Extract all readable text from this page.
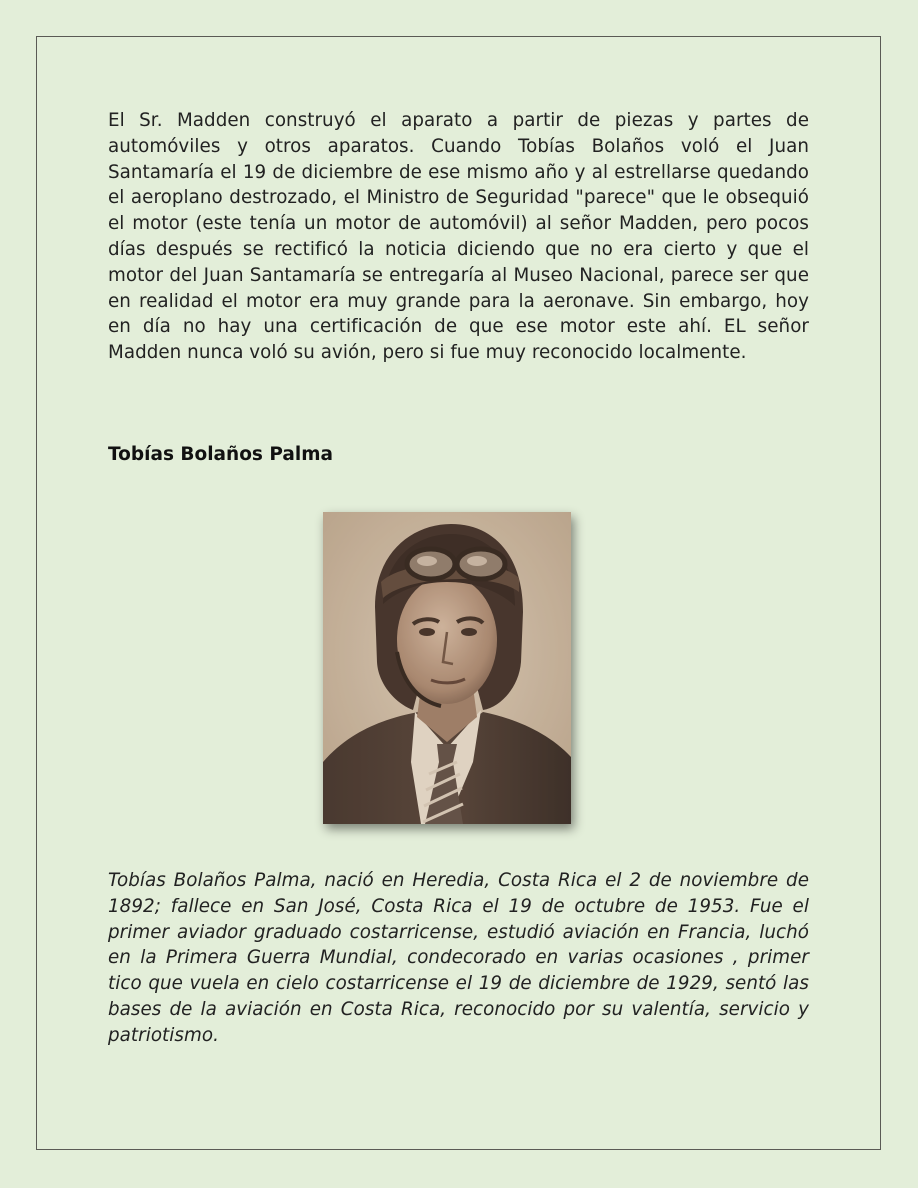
El Sr. Madden construyó el aparato a partir de piezas y partes de automóviles y otros aparatos. Cuando Tobías Bolaños voló el Juan Santamaría el 19 de diciembre de ese mismo año y al estrellarse quedando el aeroplano destrozado, el Ministro de Seguridad "parece" que le obsequió el motor (este tenía un motor de automóvil) al señor Madden, pero pocos días después se rectificó la noticia diciendo que no era cierto y que el motor del Juan Santamaría se entregaría al Museo Nacional, parece ser que en realidad el motor era muy grande para la aeronave. Sin embargo, hoy en día no hay una certificación de que ese motor este ahí. EL señor Madden nunca voló su avión, pero si fue muy reconocido localmente.

Tobías Bolaños Palma

Tobías Bolaños Palma, nació en Heredia, Costa Rica el 2 de noviembre de 1892; fallece en San José, Costa Rica el 19 de octubre de 1953. Fue el primer aviador graduado costarricense, estudió aviación en Francia, luchó en la Primera Guerra Mundial, condecorado en varias ocasiones , primer tico que vuela en cielo costarricense el 19 de diciembre de 1929, sentó las bases de la aviación en Costa Rica, reconocido por su valentía, servicio y patriotismo.
